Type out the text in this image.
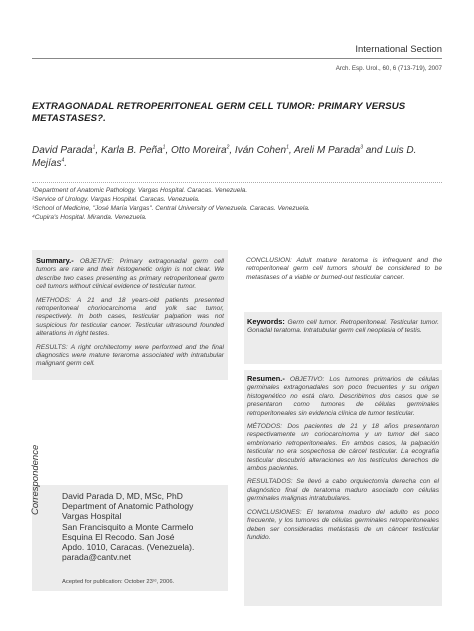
International Section
Arch. Esp. Urol., 60, 6 (713-719), 2007
EXTRAGONADAL RETROPERITONEAL GERM CELL TUMOR: PRIMARY VERSUS METASTASES?.
David Parada$^1$, Karla B. Peña$^1$, Otto Moreira$^2$, Iván Cohen$^1$, Areli M Parada$^3$ and Luis D. Mejías$^4$.
¹Department of Anatomic Pathology. Vargas Hospital. Caracas. Venezuela.
²Service of Urology. Vargas Hospital. Caracas. Venezuela.
³School of Medicine, "José María Vargas". Central University of Venezuela. Caracas. Venezuela.
⁴Cupira's Hospital. Miranda. Venezuela.

Summary.- OBJETIVE: Primary extragonadal germ cell tumors are rare and their histogenetic origin is not clear. We describe two cases presenting as primary retroperitoneal germ cell tumors without clinical evidence of testicular tumor.

METHODS: A 21 and 18 years-old patients presented retroperitoneal choriocarcinoma and yolk sac tumor, respectively. In both cases, testicular palpation was not suspicious for testicular cancer. Testicular ultrasound founded alterations in right testes.

RESULTS: A right orchitectomy were performed and the final diagnostics were mature teraroma associated with intratubular malignant germ cell.

CONCLUSION: Adult mature teratoma is infrequent and the retroperitoneal germ cell tumors should be considered to be metastases of a viable or burned-out testicular cancer.
Keywords: Germ cell tumor. Retroperitoneal. Testicular tumor. Gonadal teratoma. Intratubular germ cell neoplasia of testis.

Resumen.- OBJETIVO: Los tumores primarios de células germinales extragonadales son poco frecuentes y su origen histogenético no está claro. Describimos dos casos que se presentaron como tumores de células germinales retroperitoneales sin evidencia clínica de tumor testicular.

MÉTODOS: Dos pacientes de 21 y 18 años presentaron respectivamente un coriocarcinoma y un tumor del saco embrionario retroperitoneales. En ambos casos, la palpación testicular no era sospechosa de cárcel testicular. La ecografía testicular descubrió alteraciones en los testículos derechos de ambos pacientes.

RESULTADOS: Se llevó a cabo orquiectomía derecha con el diagnóstico final de teratoma maduro asociado con células germinales malignas intratubulares.

CONCLUSIONES: El teratoma maduro del adulto es poco frecuente, y los tumores de células germinales retroperitoneales deben ser consideradas metástasis de un cáncer testicular fundido.

Correspondence	David Parada D, MD, MSc, PhD
Department of Anatomic Pathology
Vargas Hospital
San Francisquito a Monte Carmelo
Esquina El Recodo. San José
Apdo. 1010, Caracas. (Venezuela).
parada@cantv.net
Acepted for publication: October 23ʳᵈ, 2006.
